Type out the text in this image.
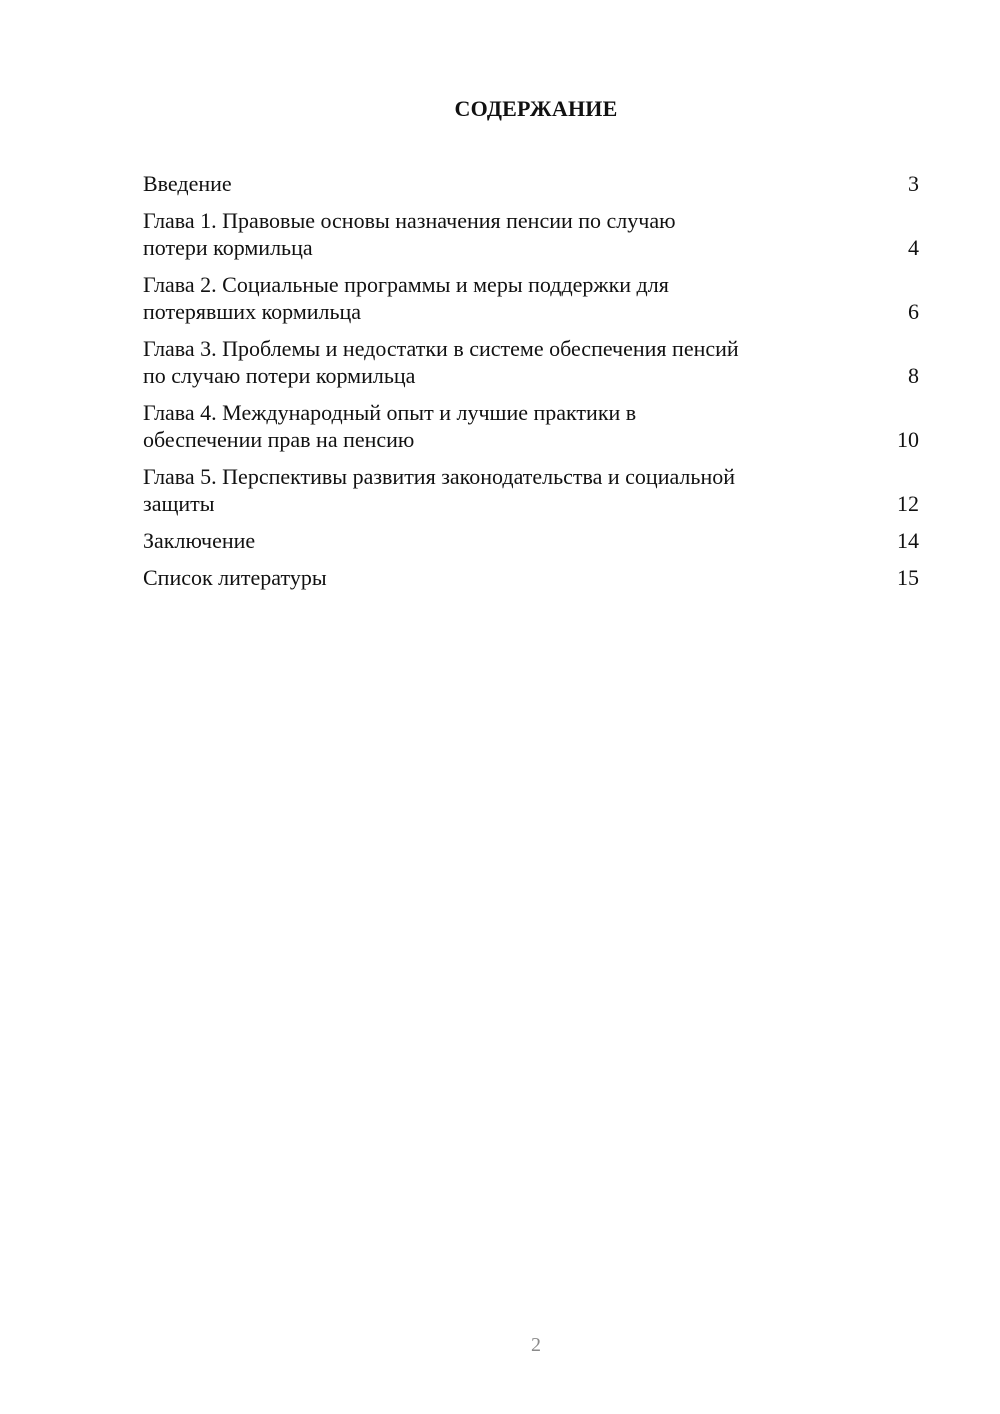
СОДЕРЖАНИЕ
Введение	3
Глава 1. Правовые основы назначения пенсии по случаю
потери кормильца	4
Глава 2. Социальные программы и меры поддержки для
потерявших кормильца	6
Глава 3. Проблемы и недостатки в системе обеспечения пенсий
по случаю потери кормильца	8
Глава 4. Международный опыт и лучшие практики в
обеспечении прав на пенсию	10
Глава 5. Перспективы развития законодательства и социальной
защиты	12
Заключение	14
Список литературы	15
2
